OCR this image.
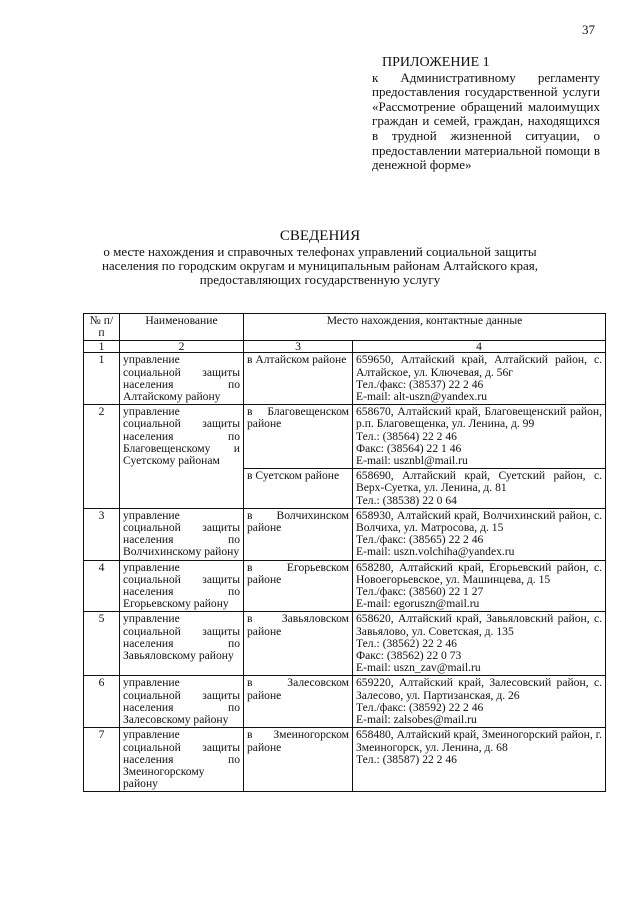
37
ПРИЛОЖЕНИЕ 1
к Административному регламенту предоставления государственной услуги «Рассмотрение обращений малоимущих граждан и семей, граждан, находящихся в трудной жизненной ситуации, о предоставлении материальной помощи в денежной форме»
СВЕДЕНИЯ
о месте нахождения и справочных телефонах управлений социальной защиты населения по городским округам и муниципальным районам Алтайского края, предоставляющих государственную услугу
№ п/п	Наименование	Место нахождения, контактные данные	
1	2	3	4
1	управление социальной защиты населения по Алтайскому району	в Алтайском районе	659650, Алтайский край, Алтайский район, с. Алтайское, ул. Ключевая, д. 56г
Тел./факс: (38537) 22 2 46
E-mail: alt-uszn@yandex.ru

2	управление социальной защиты населения по Благовещенскому и Суетскому районам	в Благовещенском районе	658670, Алтайский край, Благовещенский район, р.п. Благовещенка, ул. Ленина, д. 99
Тел.: (38564) 22 2 46
Факс: (38564) 22 1 46
E-mail: usznbl@mail.ru

		в Суетском районе	658690, Алтайский край, Суетский район, с. Верх-Суетка, ул. Ленина, д. 81
Тел.: (38538) 22 0 64

3	управление социальной защиты населения по Волчихинскому району	в Волчихинском районе	658930, Алтайский край, Волчихинский район, с. Волчиха, ул. Матросова, д. 15
Тел./факс: (38565) 22 2 46
E-mail: uszn.volchiha@yandex.ru

4	управление социальной защиты населения по Егорьевскому району	в Егорьевском районе	658280, Алтайский край, Егорьевский район, с. Новоегорьевское, ул. Машинцева, д. 15
Тел./факс: (38560) 22 1 27
E-mail: egoruszn@mail.ru

5	управление социальной защиты населения по Завьяловскому району	в Завьяловском районе	658620, Алтайский край, Завьяловский район, с. Завьялово, ул. Советская, д. 135
Тел.: (38562) 22 2 46
Факс: (38562) 22 0 73
E-mail: uszn_zav@mail.ru

6	управление социальной защиты населения по Залесовскому району	в Залесовском районе	659220, Алтайский край, Залесовский район, с. Залесово, ул. Партизанская, д. 26
Тел./факс: (38592) 22 2 46
E-mail: zalsobes@mail.ru

7	управление социальной защиты населения по Змеиногорскому району	в Змеиногорском районе	658480, Алтайский край, Змеиногорский район, г. Змеиногорск, ул. Ленина, д. 68
Тел.: (38587) 22 2 46
